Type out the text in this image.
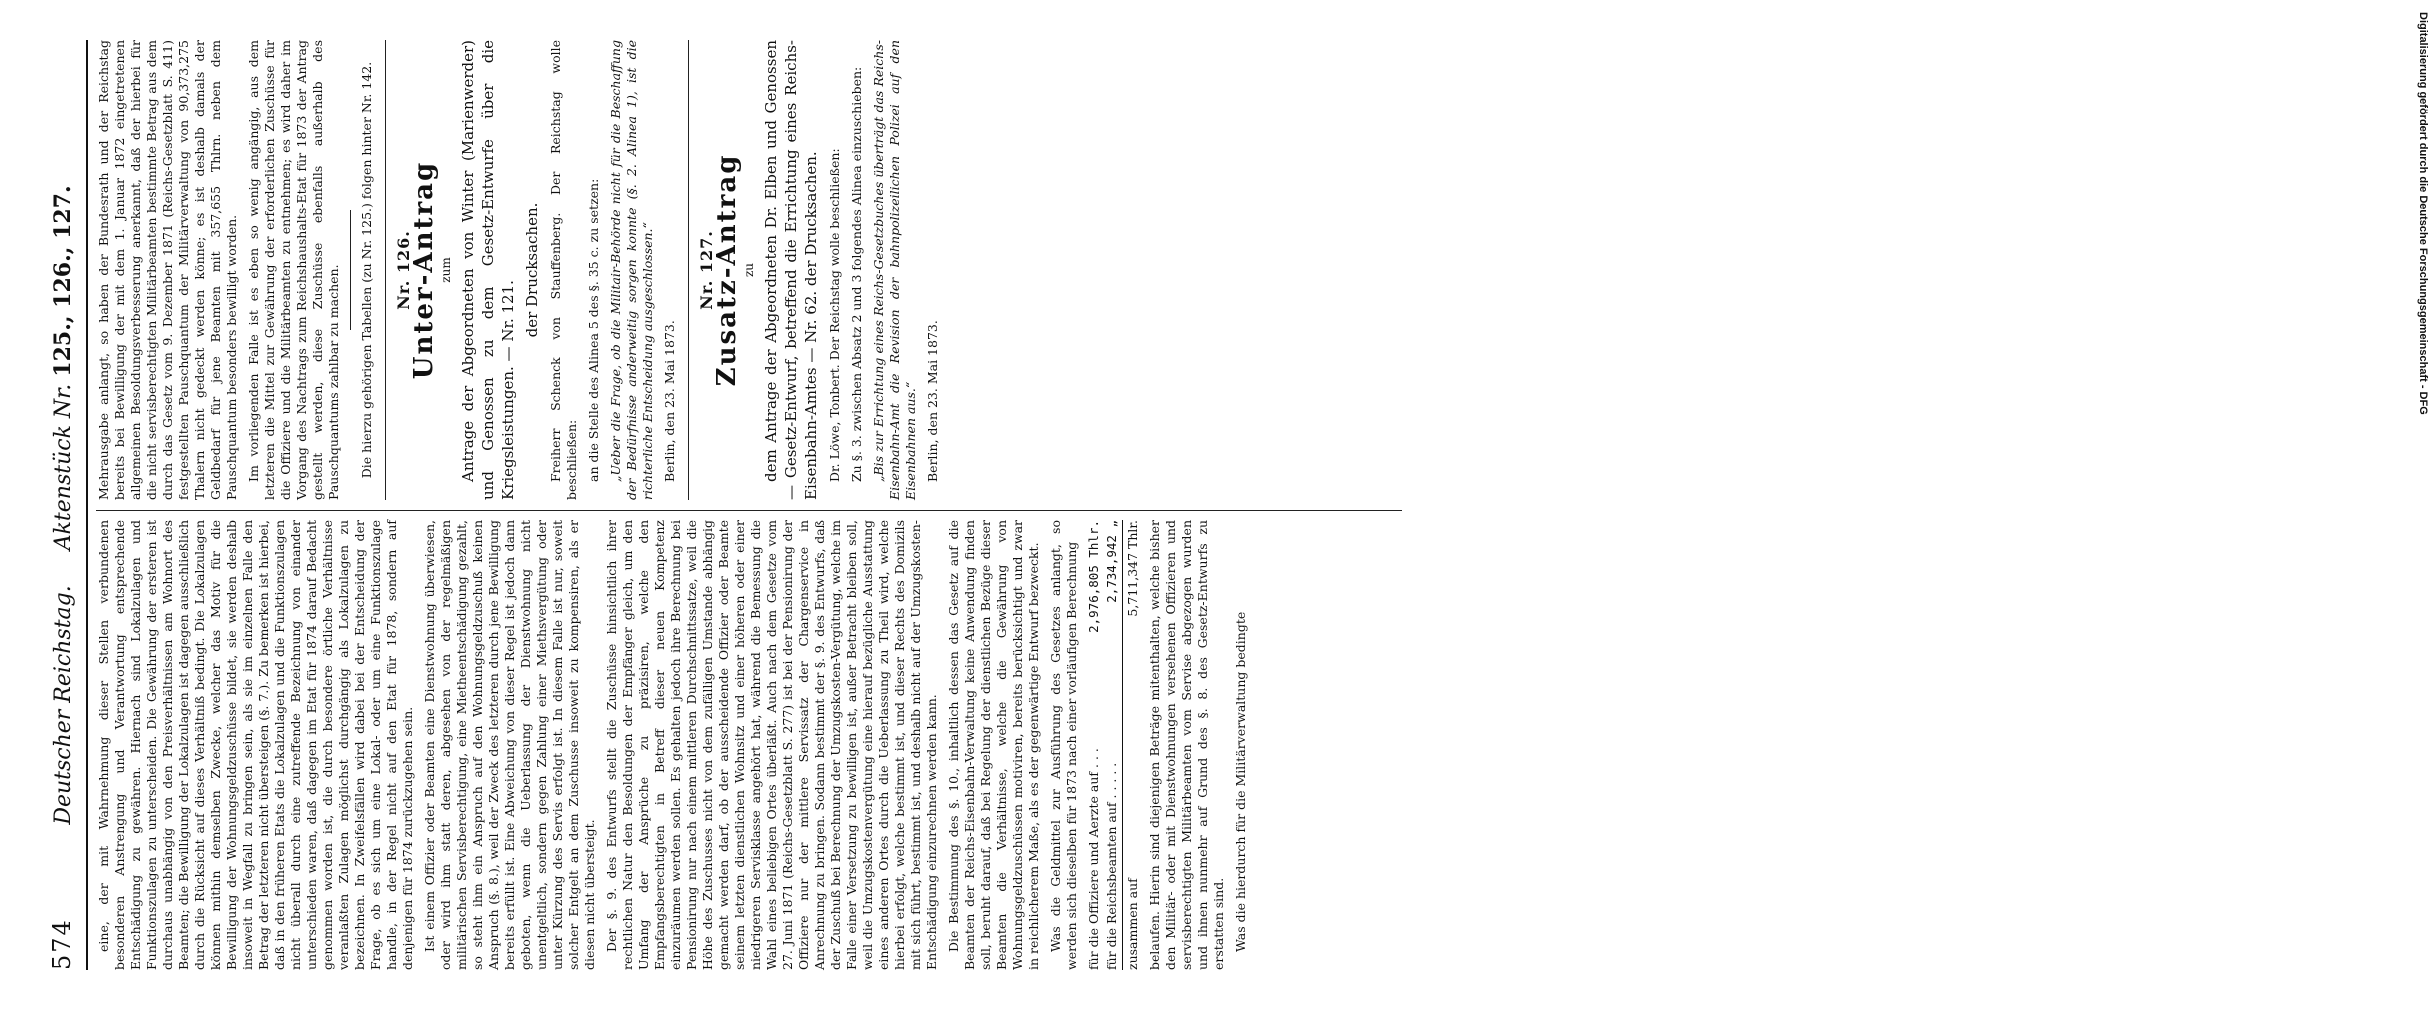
574
Deutscher Reichstag.     Aktenstück Nr. 125., 126., 127.

eine, der mit Wahrnehmung dieser Stellen verbundenen besonderen Anstrengung und Verantwortung entsprechende Entschädigung zu gewähren. Hiernach sind Lokalzulagen und Funktionszulagen zu unterscheiden. Die Gewährung der ersteren ist durchaus unabhängig von den Preisverhältnissen am Wohnort des Beamten; die Bewilligung der Lokalzulagen ist dagegen ausschließlich durch die Rücksicht auf dieses Verhältniß bedingt. Die Lokalzulagen können mithin demselben Zwecke, welcher das Motiv für die Bewilligung der Wohnungsgeldzuschüsse bildet, sie werden deshalb insoweit in Wegfall zu bringen sein, als sie im einzelnen Falle den Betrag der letzteren nicht übersteigen (§. 7.). Zu bemerken ist hierbei, daß in den früheren Etats die Lokalzulagen und die Funktionszulagen nicht überall durch eine zutreffende Bezeichnung von einander unterschieden waren, daß dagegen im Etat für 1874 darauf Bedacht genommen worden ist, die durch besondere örtliche Verhältnisse veranlaßten Zulagen möglichst durchgängig als Lokalzulagen zu bezeichnen. In Zweifelsfällen wird dabei bei der Entscheidung der Frage, ob es sich um eine Lokal- oder um eine Funktionszulage handle, in der Regel nicht auf den Etat für 1878, sondern auf denjenigen für 1874 zurückzugehen sein. Ist einem Offizier oder Beamten eine Dienstwohnung überwiesen, oder wird ihm statt deren, abgesehen von der regelmäßigen militärischen Servisberechtigung, eine Mietheentschädigung gezahlt, so steht ihm ein Anspruch auf den Wohnungsgeldzuschuß keinen Anspruch (§. 8.), weil der Zweck des letzteren durch jene Bewilligung bereits erfüllt ist. Eine Abweichung von dieser Regel ist jedoch dann geboten, wenn die Ueberlassung der Dienstwohnung nicht unentgeltlich, sondern gegen Zahlung einer Miethsvergütung oder unter Kürzung des Servis erfolgt ist. In diesem Falle ist nur, soweit solcher Entgelt an dem Zuschusse insoweit zu kompensiren, als er diesen nicht übersteigt. Der §. 9. des Entwurfs stellt die Zuschüsse hinsichtlich ihrer rechtlichen Natur den Besoldungen der Empfänger gleich, um den Umfang der Ansprüche zu präzisiren, welche den Empfangsberechtigten in Betreff dieser neuen Kompetenz einzuräumen werden sollen. Es gehalten jedoch ihre Berechnung bei Pensionirung nur nach einem mittleren Durchschnittssatze, weil die Höhe des Zuschusses nicht von dem zufälligen Umstande abhängig gemacht werden darf, ob der ausscheidende Offizier oder Beamte seinem letzten dienstlichen Wohnsitz und einer höheren oder einer niedrigeren Servisklasse angehört hat, während die Bemessung die Wahl eines beliebigen Ortes überläßt. Auch nach dem Gesetze vom 27. Juni 1871 (Reichs-Gesetzblatt S. 277) ist bei der Pensionirung der Offiziere nur der mittlere Servissatz der Chargenservice in Anrechnung zu bringen. Sodann bestimmt der §. 9. des Entwurfs, daß der Zuschuß bei Berechnung der Umzugskosten-Vergütung, welche im Falle einer Versetzung zu bewilligen ist, außer Betracht bleiben soll, weil die Umzugskostenvergütung eine hierauf bezügliche Ausstattung eines anderen Ortes durch die Ueberlassung zu Theil wird, welche hierbei erfolgt, welche bestimmt ist, und dieser Rechts des Domizils mit sich führt, bestimmt ist, und deshalb nicht auf der Umzugskosten-Entschädigung einzurechnen werden kann. Die Bestimmung des §. 10., inhaltlich dessen das Gesetz auf die Beamten der Reichs-Eisenbahn-Verwaltung keine Anwendung finden soll, beruht darauf, daß bei Regelung der dienstlichen Bezüge dieser Beamten die Verhältnisse, welche die Gewährung von Wohnungsgeldzuschüssen motiviren, bereits berücksichtigt und zwar in reichlicherem Maße, als es der gegenwärtige Entwurf bezweckt. Was die Geldmittel zur Ausführung des Gesetzes anlangt, so werden sich dieselben für 1873 nach einer vorläufigen Berechnung für die Offiziere und Aerzte auf . . .
2,976,805 Thlr.
für die Reichsbeamten auf . . . . .
2,734,942 „
zusammen auf
5,711,347 Thlr. belaufen. Hierin sind diejenigen Beträge mitenthalten, welche bisher den Militär- oder mit Dienstwohnungen versehenen Offizieren und servisberechtigten Militärbeamten vom Servise abgezogen wurden und ihnen nunmehr auf Grund des §. 8. des Gesetz-Entwurfs zu erstatten sind. Was die hierdurch für die Militärverwaltung bedingte

Mehrausgabe anlangt, so haben der Bundesrath und der Reichstag bereits bei Bewilligung der mit dem 1. Januar 1872 eingetretenen allgemeinen Besoldungsverbesserung anerkannt, daß der hierbei für die nicht servisberechtigten Militärbeamten bestimmte Betrag aus dem durch das Gesetz vom 9. Dezember 1871 (Reichs-Gesetzblatt S. 411) festgestellten Pauschquantum der Militärverwaltung von 90,373,275 Thalern nicht gedeckt werden könne; es ist deshalb damals der Geldbedarf für jene Beamten mit 357,655 Thlrn. neben dem Pauschquantum besonders bewilligt worden. Im vorliegenden Falle ist es eben so wenig angängig, aus dem letzteren die Mittel zur Gewährung der erforderlichen Zuschüsse für die Offiziere und die Militärbeamten zu entnehmen; es wird daher im Vorgang des Nachtrags zum Reichshaushalts-Etat für 1873 der Antrag gestellt werden, diese Zuschüsse ebenfalls außerhalb des Pauschquantums zahlbar zu machen. Die hierzu gehörigen Tabellen (zu Nr. 125.) folgen hinter Nr. 142. Nr. 126.
Unter-Antrag zum Antrage der Abgeordneten von Winter (Marienwerder) und Genossen zu dem Gesetz-Entwurfe über die Kriegsleistungen. — Nr. 121.

der Drucksachen. Freiherr Schenck von Stauffenberg. Der Reichstag wolle beschließen: an die Stelle des Alinea 5 des §. 35 c. zu setzen: „Ueber die Frage, ob die Militair-Behörde nicht für die Beschaffung der Bedürfnisse anderweitig sorgen konnte (§. 2. Alinea 1), ist die richterliche Entscheidung ausgeschlossen.“ Berlin, den 23. Mai 1873.

Nr. 127.
Zusatz-Antrag zu dem Antrage der Abgeordneten Dr. Elben und Genossen — Gesetz-Entwurf, betreffend die Errichtung eines Reichs-Eisenbahn-Amtes — Nr. 62. der Drucksachen. Dr. Löwe, Tonbert. Der Reichstag wolle beschließen: Zu §. 3. zwischen Absatz 2 und 3 folgendes Alinea einzuschieben: „Bis zur Errichtung eines Reichs-Gesetzbuches überträgt das Reichs-Eisenbahn-Amt die Revision der bahnpolizeilichen Polizei auf den Eisenbahnen aus.“ Berlin, den 23. Mai 1873.	Digitalisierung gefördert durch die Deutsche Forschungsgemeinschaft - DFG
